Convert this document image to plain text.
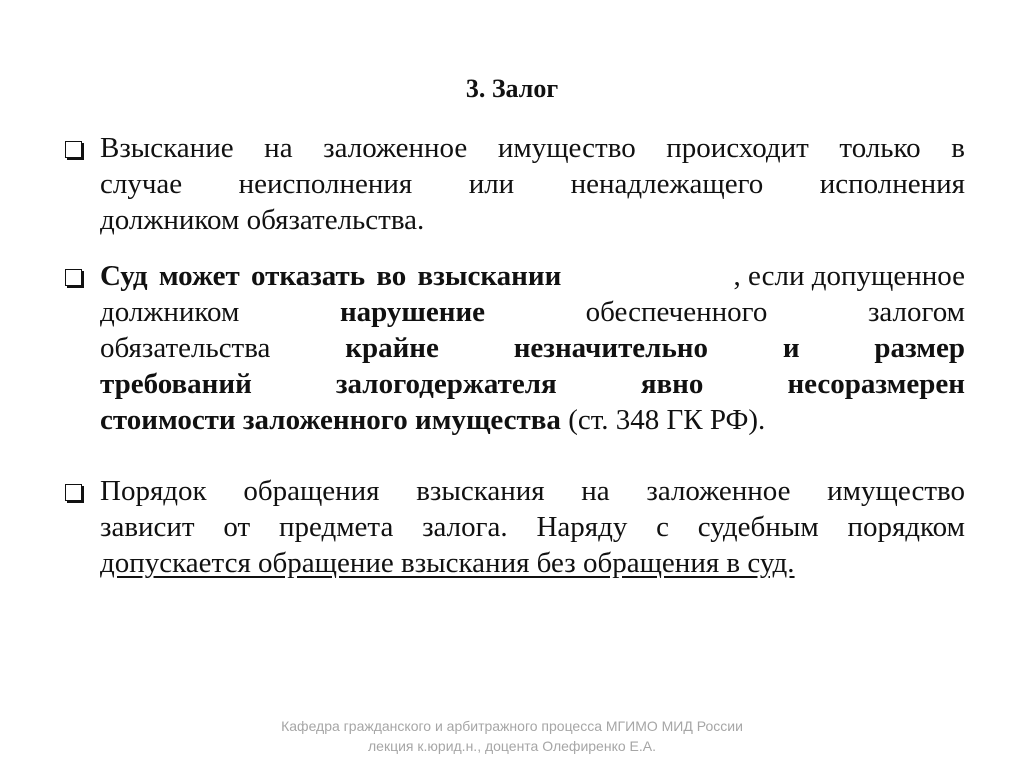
3. Залог
Взыскание на заложенное имущество происходит только в
случае неисполнения или ненадлежащего исполнения
должником обязательства.
Суд может отказать во взыскании	, если допущенное
должником	нарушение	обеспеченного	залогом
обязательства	крайне	незначительно	и	размер
требований	залогодержателя	явно	несоразмерен
стоимости заложенного имущества (ст. 348 ГК РФ).
Порядок обращения взыскания на заложенное имущество
зависит от предмета залога. Наряду с судебным порядком
допускается обращение взыскания без обращения в суд.
Кафедра гражданского и арбитражного процесса МГИМО МИД России
лекция к.юрид.н., доцента Олефиренко Е.А.
